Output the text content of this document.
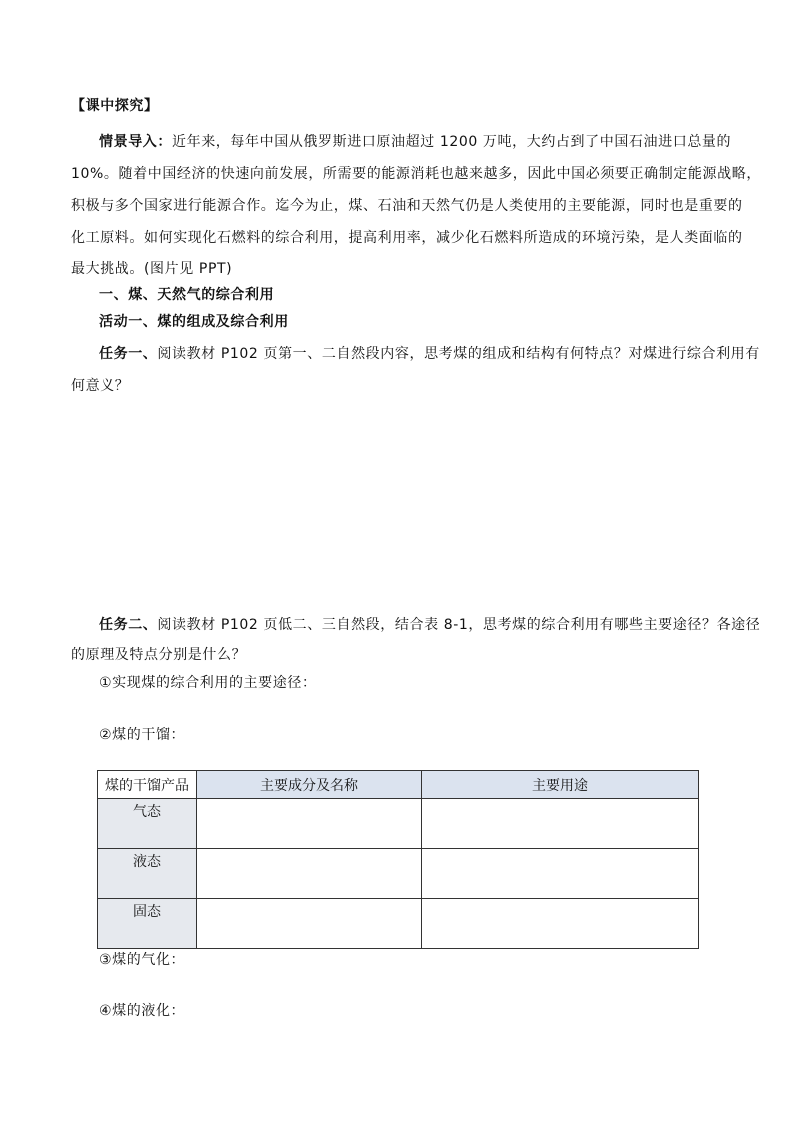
【课中探究】
情景导入：近年来，每年中国从俄罗斯进口原油超过 1200 万吨，大约占到了中国石油进口总量的
10%。随着中国经济的快速向前发展，所需要的能源消耗也越来越多，因此中国必须要正确制定能源战略，
积极与多个国家进行能源合作。迄今为止，煤、石油和天然气仍是人类使用的主要能源，同时也是重要的
化工原料。如何实现化石燃料的综合利用，提高利用率，减少化石燃料所造成的环境污染，是人类面临的
最大挑战。(图片见 PPT)
一、煤、天然气的综合利用
活动一、煤的组成及综合利用
任务一、阅读教材 P102 页第一、二自然段内容，思考煤的组成和结构有何特点？对煤进行综合利用有
何意义？
任务二、阅读教材 P102 页低二、三自然段，结合表 8-1，思考煤的综合利用有哪些主要途径？各途径
的原理及特点分别是什么？
①实现煤的综合利用的主要途径：
②煤的干馏：
煤的干馏产品	主要成分及名称	主要用途
气态		
液态		
固态		
③煤的气化：
④煤的液化：
